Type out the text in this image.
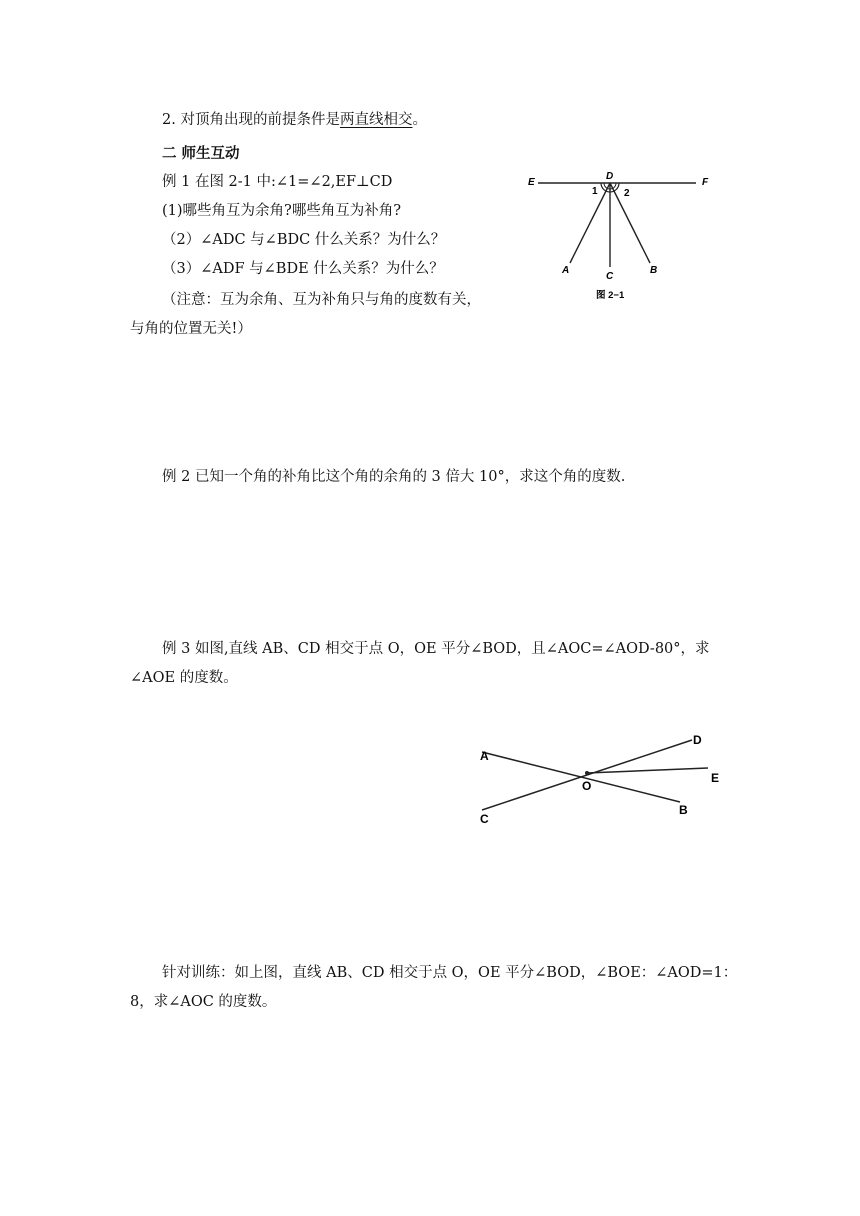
2. 对顶角出现的前提条件是两直线相交。
二 师生互动
例 1 在图 2-1 中:∠1=∠2,EF⊥CD
(1)哪些角互为余角?哪些角互为补角?
（2）∠ADC 与∠BDC 什么关系？为什么？
（3）∠ADF 与∠BDE 什么关系？为什么？
（注意：互为余角、互为补角只与角的度数有关，
与角的位置无关!）
E	F
D
1	2
A
C
B
图 2−1
例 2 已知一个角的补角比这个角的余角的 3 倍大 10°，求这个角的度数.
例 3 如图,直线 AB、CD 相交于点 O，OE 平分∠BOD，且∠AOC=∠AOD-80°，求
∠AOE 的度数。
A
D
E
O
B
C
针对训练：如上图，直线 AB、CD 相交于点 O，OE 平分∠BOD，∠BOE：∠AOD=1：
8，求∠AOC 的度数。
